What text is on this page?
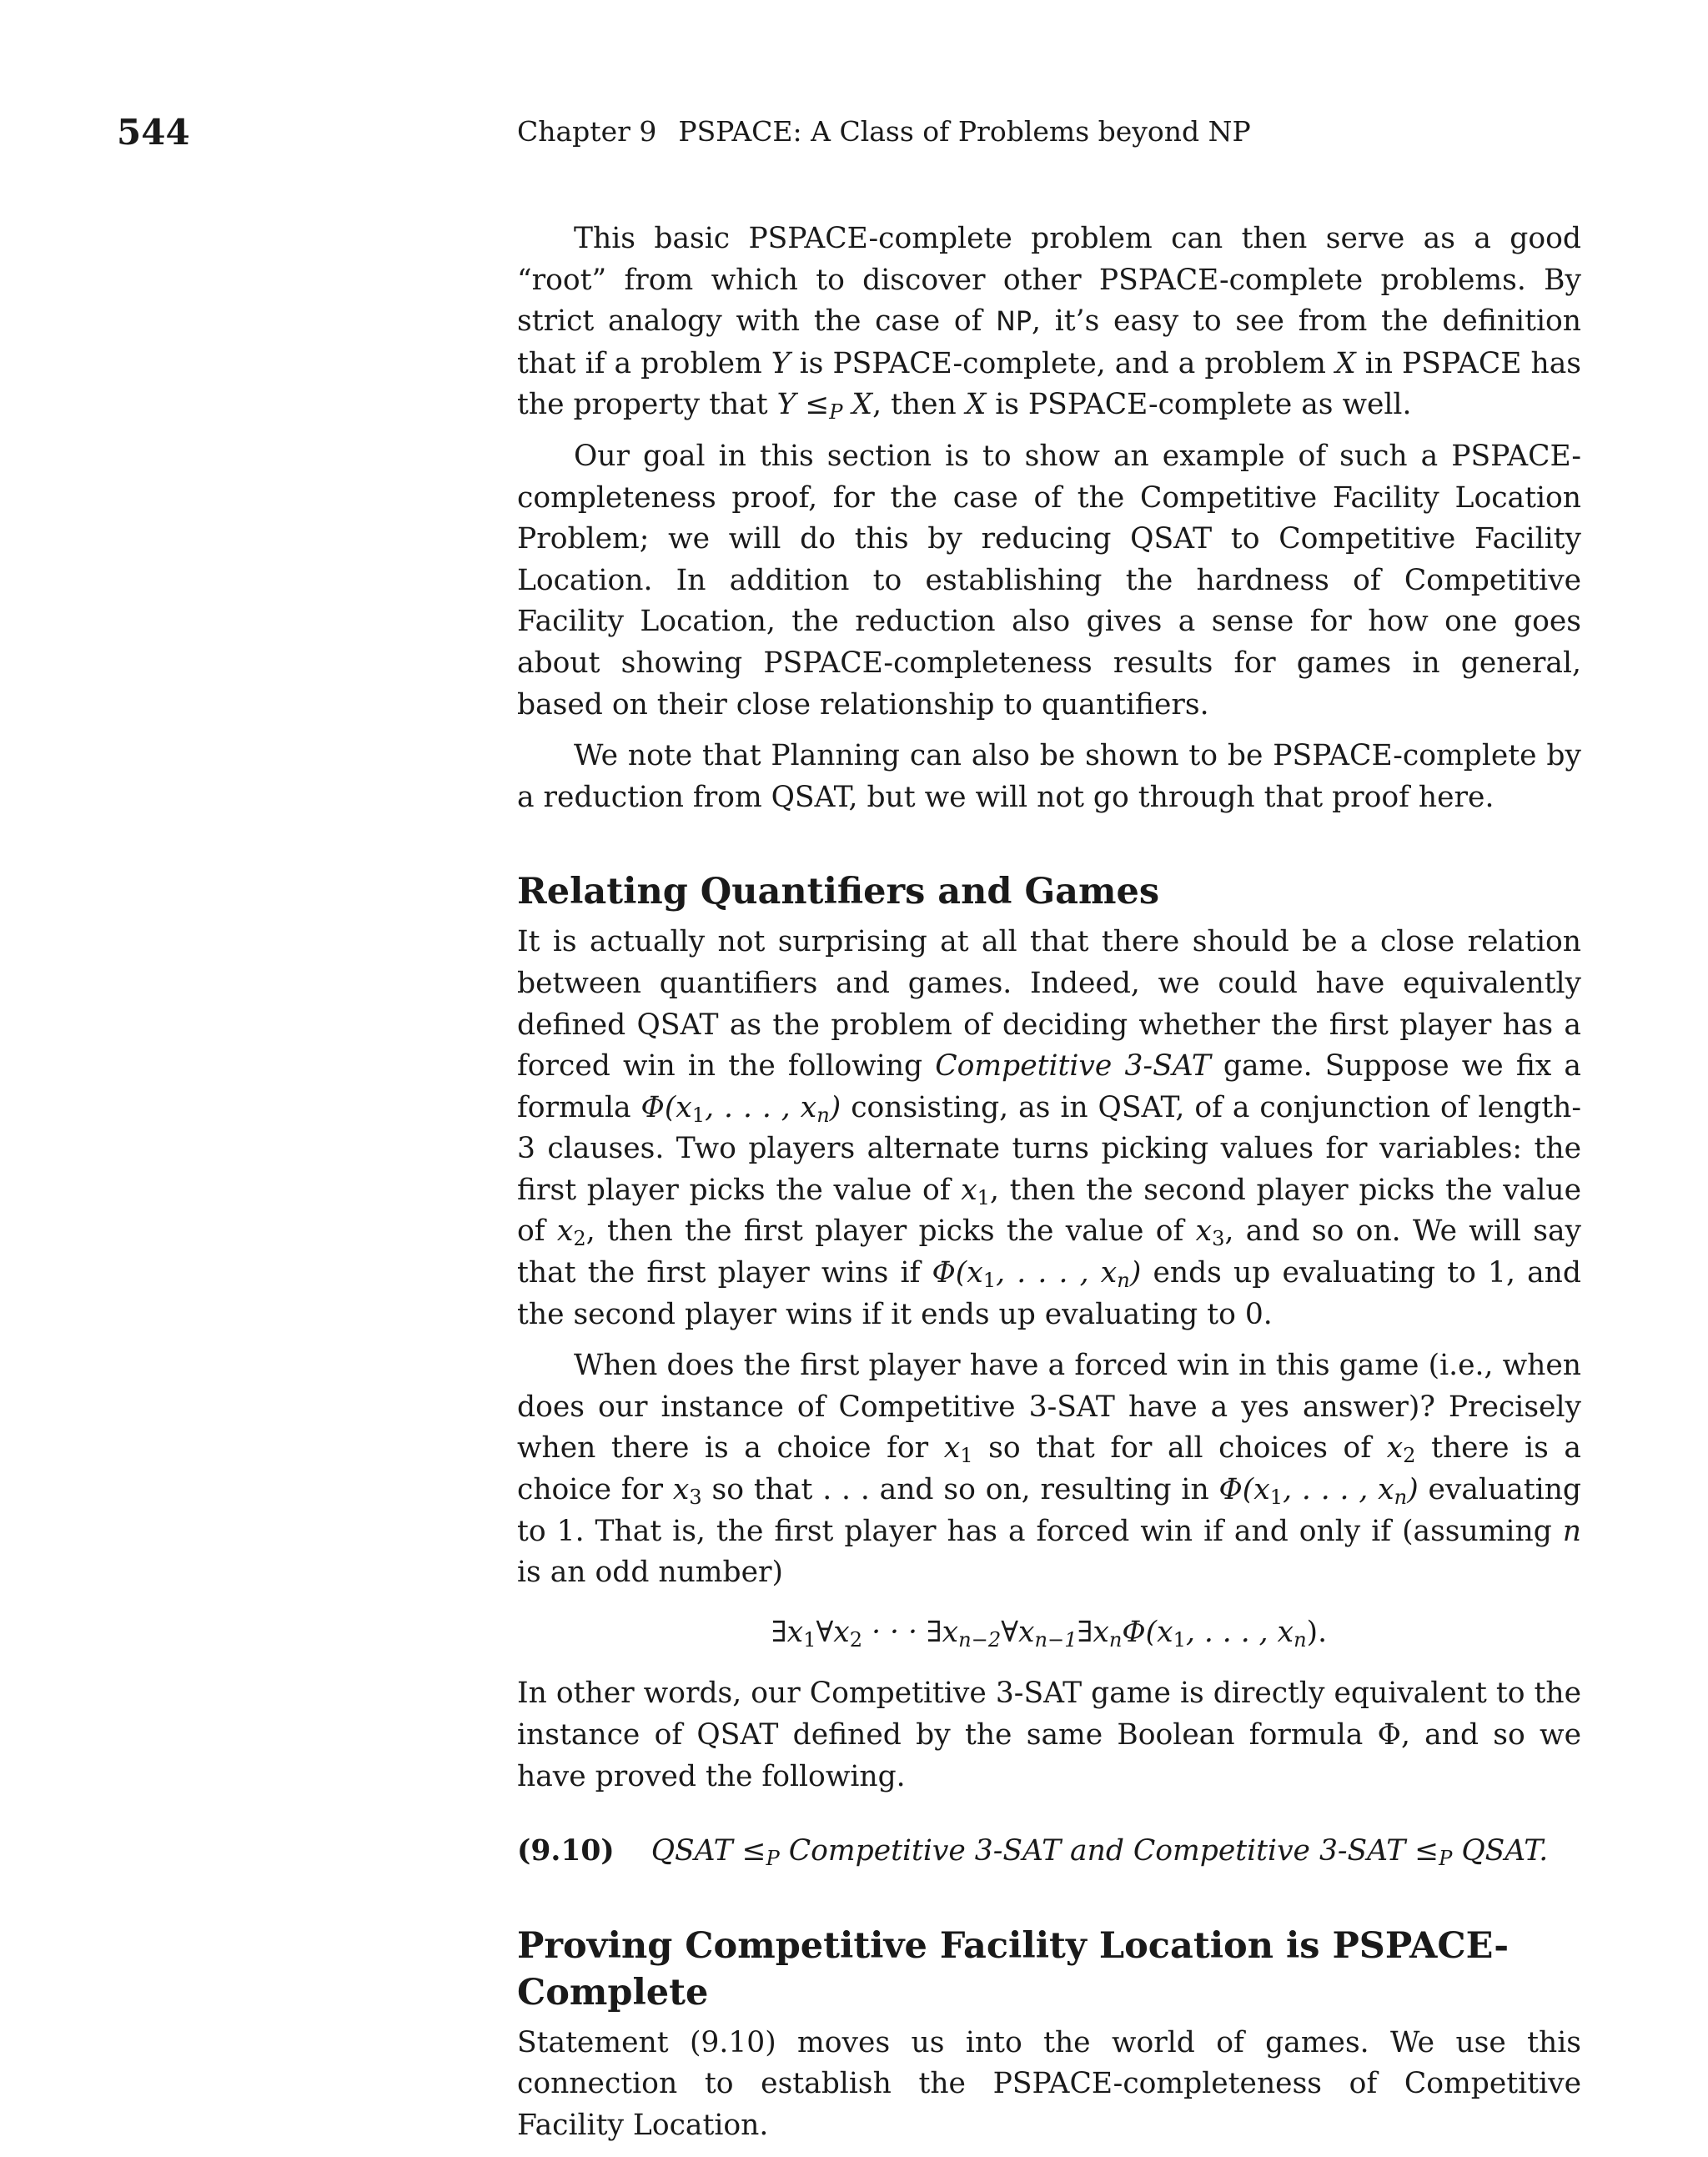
544	Chapter 9 PSPACE: A Class of Problems beyond NP

This basic PSPACE-complete problem can then serve as a good “root” from which to discover other PSPACE-complete problems. By strict analogy with the case of NP, it’s easy to see from the definition that if a problem Y is PSPACE-complete, and a problem X in PSPACE has the property that $Y \le_P$ X, then X is PSPACE-complete as well.

Our goal in this section is to show an example of such a PSPACE-completeness proof, for the case of the Competitive Facility Location Problem; we will do this by reducing QSAT to Competitive Facility Location. In addition to establishing the hardness of Competitive Facility Location, the reduction also gives a sense for how one goes about showing PSPACE-completeness results for games in general, based on their close relationship to quantifiers.

We note that Planning can also be shown to be PSPACE-complete by a reduction from QSAT, but we will not go through that proof here.

Relating Quantifiers and Games

It is actually not surprising at all that there should be a close relation between quantifiers and games. Indeed, we could have equivalently defined QSAT as the problem of deciding whether the first player has a forced win in the following Competitive 3-SAT game. Suppose we fix a formula $\Phi(x_1$, . . . , $x_n$) consisting, as in QSAT, of a conjunction of length-3 clauses. Two players alternate turns picking values for variables: the first player picks the value of $x_1$, then the second player picks the value of $x_2$, then the first player picks the value of $x_3$, and so on. We will say that the first player wins if $\Phi(x_1$, . . . , $x_n$) ends up evaluating to 1, and the second player wins if it ends up evaluating to 0.

When does the first player have a forced win in this game (i.e., when does our instance of Competitive 3-SAT have a yes answer)? Precisely when there is a choice for $x_1$ so that for all choices of $x_2$ there is a choice for $x_3$ so that . . . and so on, resulting in $\Phi(x_1$, . . . , $x_n$) evaluating to 1. That is, the first player has a forced win if and only if (assuming n is an odd number)

$\exists x_1\forall x_2$ · · · $\exists x_{n-2}\forall x_{n-1}\exists x_n\Phi(x_1$, . . . , $x_n$).

In other words, our Competitive 3-SAT game is directly equivalent to the instance of QSAT defined by the same Boolean formula Φ, and so we have proved the following.

(9.10) QSAT $\le_P$ Competitive 3-SAT and Competitive $3-SAT \le_P$ QSAT.

Proving Competitive Facility Location is PSPACE-Complete

Statement (9.10) moves us into the world of games. We use this connection to establish the PSPACE-completeness of Competitive Facility Location.
